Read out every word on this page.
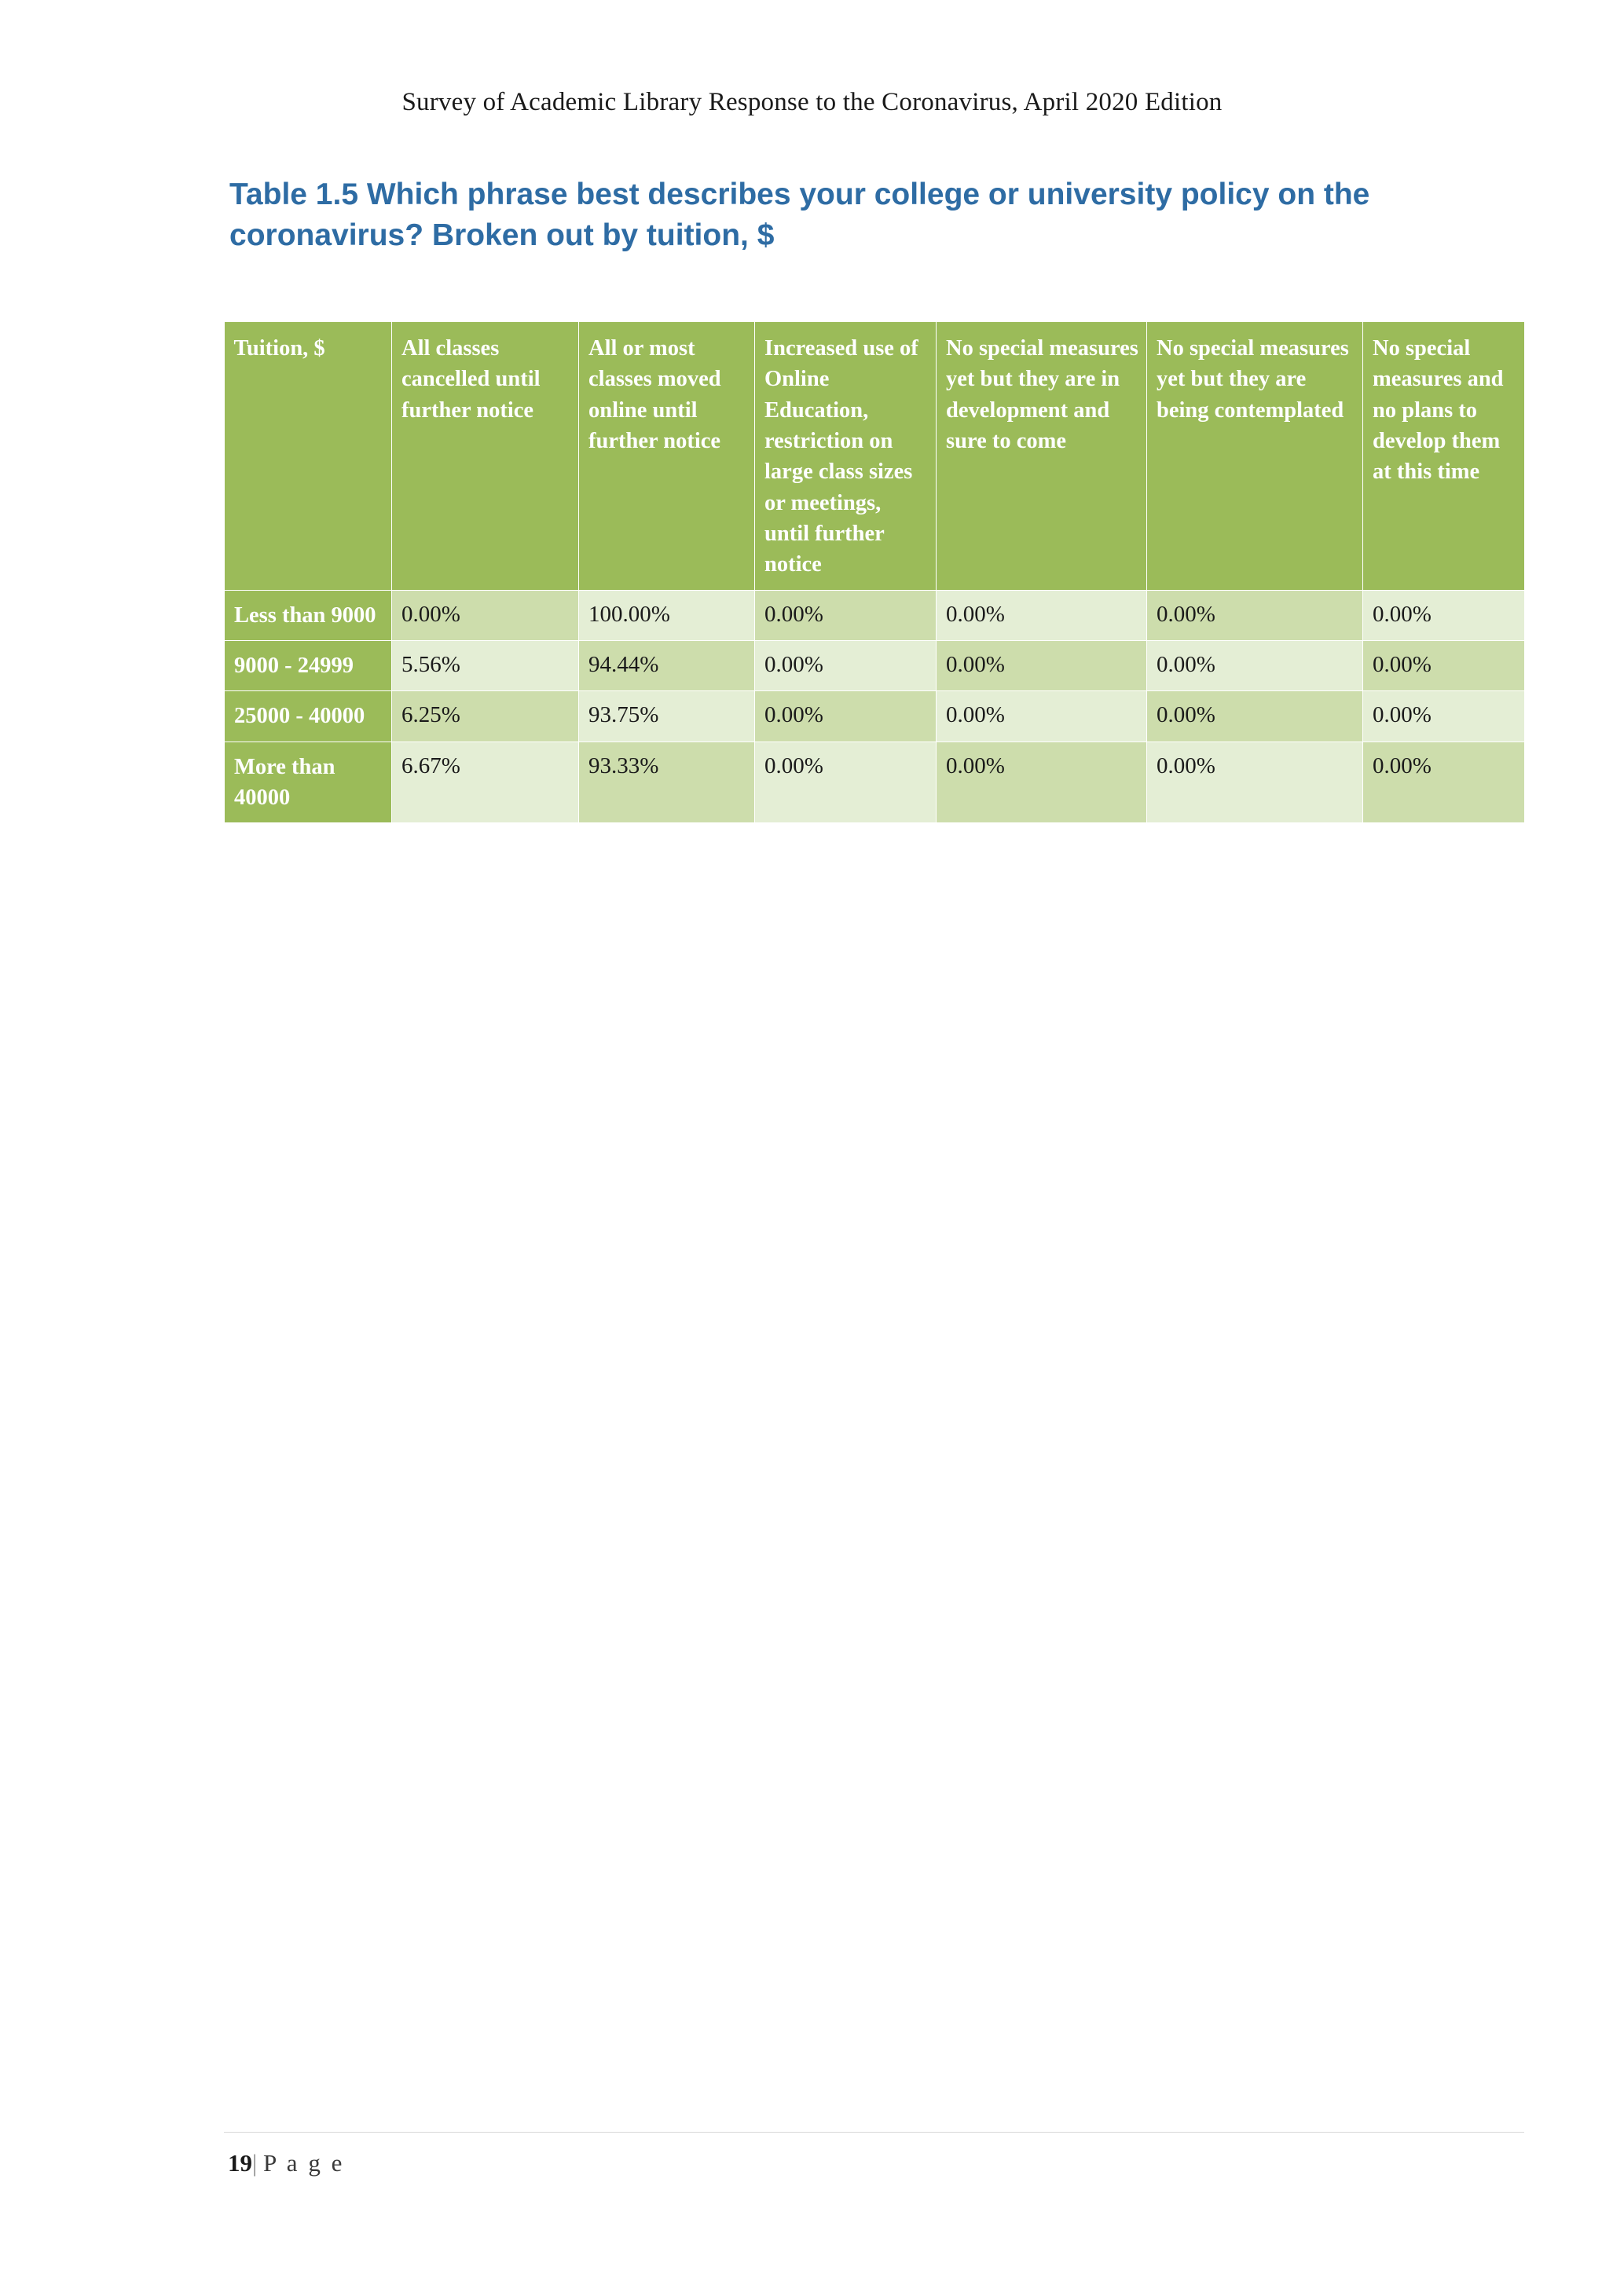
Survey of Academic Library Response to the Coronavirus, April 2020 Edition
Table 1.5 Which phrase best describes your college or university policy on the coronavirus? Broken out by tuition, $
Tuition, $	All classes cancelled until further notice	All or most classes moved online until further notice	Increased use of Online Education, restriction on large class sizes or meetings, until further notice	No special measures yet but they are in development and sure to come	No special measures yet but they are being contemplated	No special measures and no plans to develop them at this time
Less than 9000	0.00%	100.00%	0.00%	0.00%	0.00%	0.00%
9000 - 24999	5.56%	94.44%	0.00%	0.00%	0.00%	0.00%
25000 - 40000	6.25%	93.75%	0.00%	0.00%	0.00%	0.00%
More than 40000	6.67%	93.33%	0.00%	0.00%	0.00%	0.00%
19| P a g e
